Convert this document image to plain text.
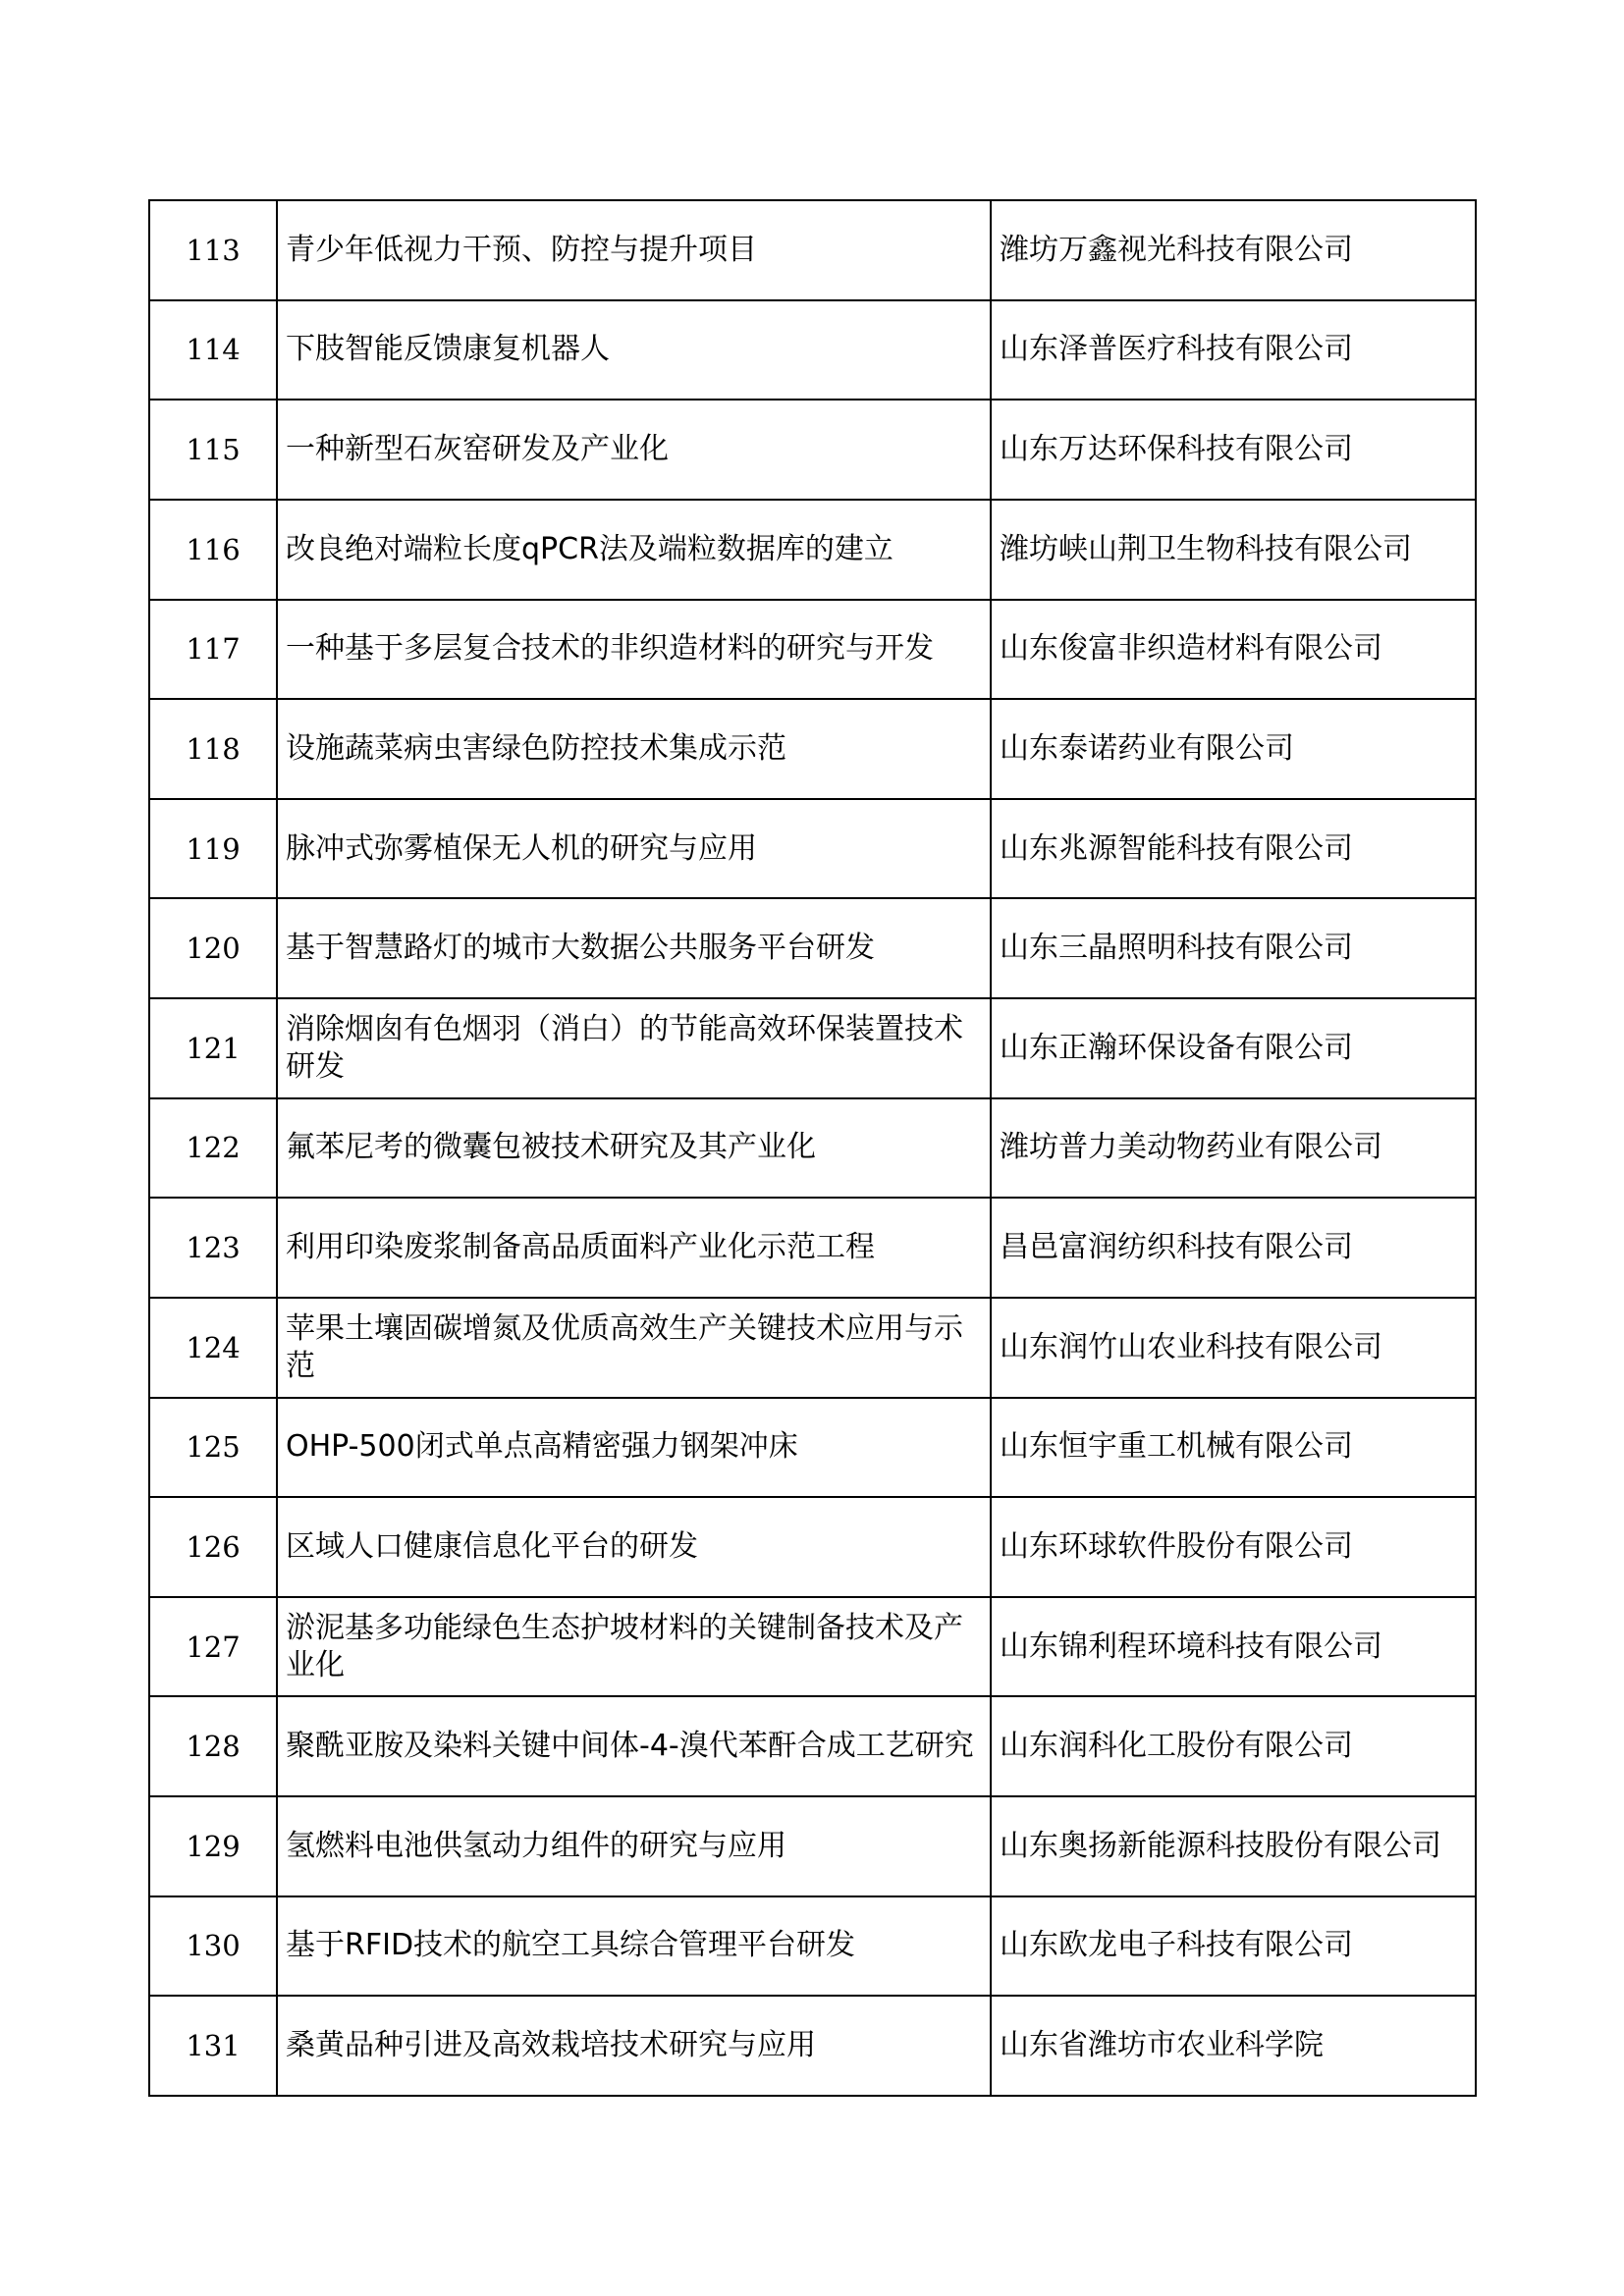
113	青少年低视力干预、防控与提升项目	潍坊万鑫视光科技有限公司
114	下肢智能反馈康复机器人	山东泽普医疗科技有限公司
115	一种新型石灰窑研发及产业化	山东万达环保科技有限公司
116	改良绝对端粒长度qPCR法及端粒数据库的建立	潍坊峡山荆卫生物科技有限公司
117	一种基于多层复合技术的非织造材料的研究与开发	山东俊富非织造材料有限公司
118	设施蔬菜病虫害绿色防控技术集成示范	山东泰诺药业有限公司
119	脉冲式弥雾植保无人机的研究与应用	山东兆源智能科技有限公司
120	基于智慧路灯的城市大数据公共服务平台研发	山东三晶照明科技有限公司
121	消除烟囱有色烟羽（消白）的节能高效环保装置技术研发	山东正瀚环保设备有限公司
122	氟苯尼考的微囊包被技术研究及其产业化	潍坊普力美动物药业有限公司
123	利用印染废浆制备高品质面料产业化示范工程	昌邑富润纺织科技有限公司
124	苹果土壤固碳增氮及优质高效生产关键技术应用与示范	山东润竹山农业科技有限公司
125	OHP-500闭式单点高精密强力钢架冲床	山东恒宇重工机械有限公司
126	区域人口健康信息化平台的研发	山东环球软件股份有限公司
127	淤泥基多功能绿色生态护坡材料的关键制备技术及产业化	山东锦利程环境科技有限公司
128	聚酰亚胺及染料关键中间体-4-溴代苯酐合成工艺研究	山东润科化工股份有限公司
129	氢燃料电池供氢动力组件的研究与应用	山东奥扬新能源科技股份有限公司
130	基于RFID技术的航空工具综合管理平台研发	山东欧龙电子科技有限公司
131	桑黄品种引进及高效栽培技术研究与应用	山东省潍坊市农业科学院
